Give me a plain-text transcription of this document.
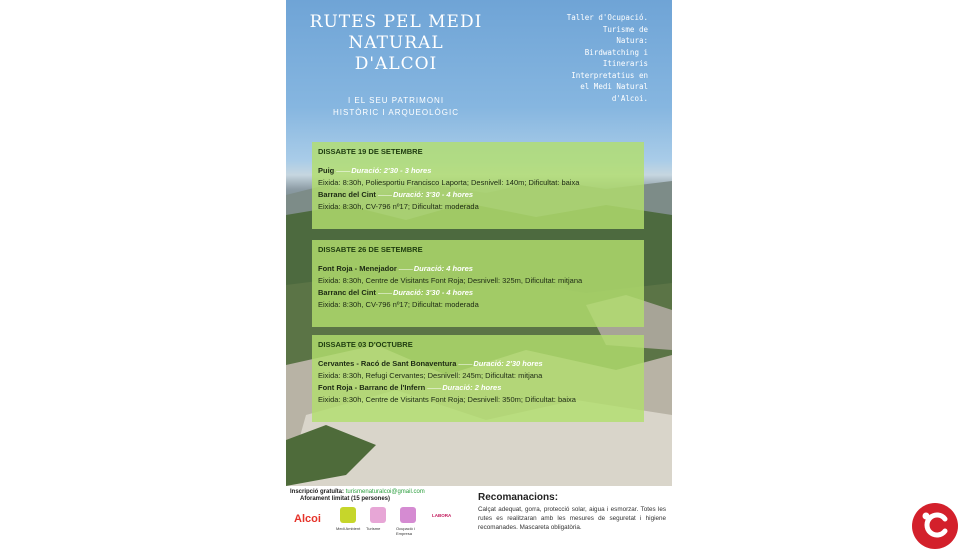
RUTES PEL MEDI
NATURAL
D'ALCOI
I EL SEU PATRIMONI
HISTÒRIC I ARQUEOLÒGIC
Taller d'Ocupació.
Turisme de
Natura:
Birdwatching i
Itineraris
Interpretatius en
el Medi Natural
d'Alcoi.
DISSABTE 19 DE SETEMBRE
Puig —— Duració: 2'30 - 3 hores
Eixida: 8:30h, Poliesportiu Francisco Laporta; Desnivell: 140m; Dificultat: baixa
Barranc del Cint —— Duració: 3'30 - 4 hores
Eixida: 8:30h, CV-796 nº17; Dificultat: moderada
DISSABTE 26 DE SETEMBRE
Font Roja - Menejador —— Duració: 4 hores
Eixida: 8:30h, Centre de Visitants Font Roja; Desnivell: 325m, Dificultat: mitjana
Barranc del Cint —— Duració: 3'30 - 4 hores
Eixida: 8:30h, CV-796 nº17; Dificultat: moderada
DISSABTE 03 D'OCTUBRE
Cervantes - Racó de Sant Bonaventura —— Duració: 2'30 hores
Eixida: 8:30h, Refugi Cervantes; Desnivell: 245m; Dificultat: mitjana
Font Roja - Barranc de l'Infern —— Duració: 2 hores
Eixida: 8:30h, Centre de Visitants Font Roja; Desnivell: 350m; Dificultat: baixa
Inscripció gratuïta: turismenaturalcoi@gmail.com
Aforament limitat (15 persones)
Alcoi
Medi Ambient	Turisme	Ocupació i Empresa
LABORA
Recomanacions:
Calçat adequat, gorra, protecció solar, aigua i esmorzar. Totes les rutes es realitzaran amb les mesures de seguretat i higiene recomanades. Mascareta obligatòria.
